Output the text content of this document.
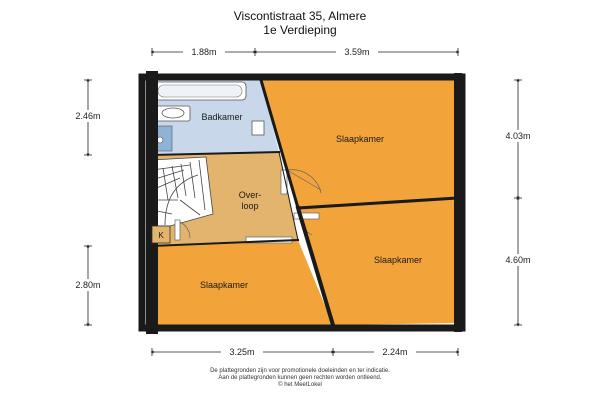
Viscontistraat 35, Almere
1e Verdieping
1.88m	3.59m
3.25m	2.24m
2.46m
2.80m
4.03m
4.60m
Badkamer
Slaapkamer
Slaapkamer
Slaapkamer
Over-
loop
K
De plattegronden zijn voor promotionele doeleinden en ter indicatie.
Aan de plattegronden kunnen geen rechten worden ontleend.
© het MeetLokel
